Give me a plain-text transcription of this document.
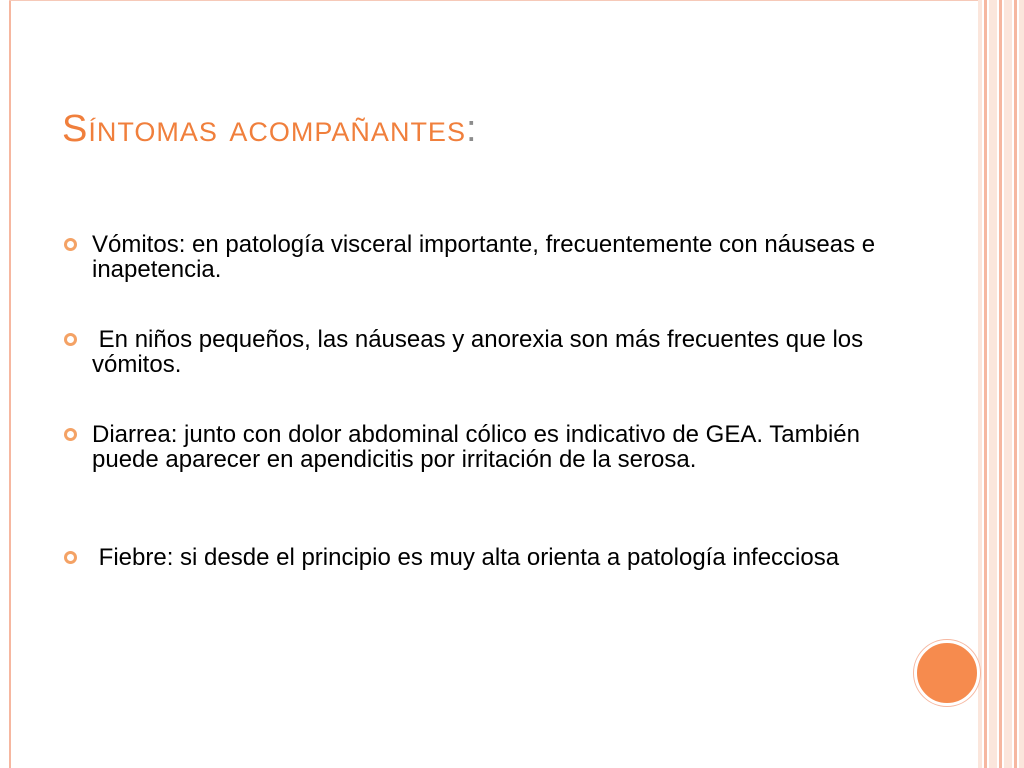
Síntomas acompañantes:
Vómitos: en patología visceral importante, frecuentemente con náuseas e inapetencia.
En niños pequeños, las náuseas y anorexia son más frecuentes que los vómitos.
Diarrea: junto con dolor abdominal cólico es indicativo de GEA. También puede aparecer en apendicitis por irritación de la serosa.
Fiebre: si desde el principio es muy alta orienta a patología infecciosa
